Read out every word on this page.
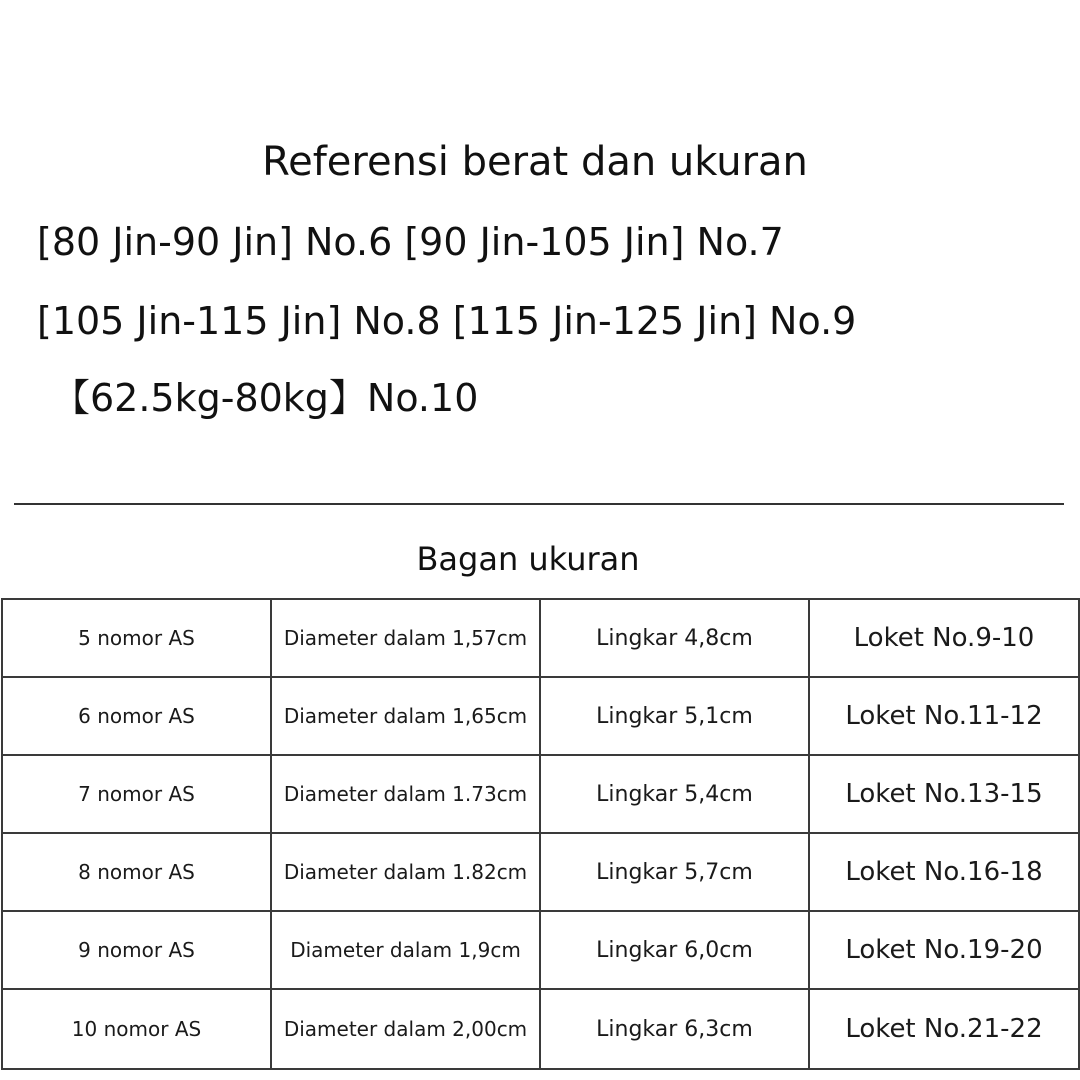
Referensi berat dan ukuran
[80 Jin-90 Jin] No.6 [90 Jin-105 Jin] No.7
[105 Jin-115 Jin] No.8 [115 Jin-125 Jin] No.9
【62.5kg-80kg】No.10
Bagan ukuran
5 nomor AS	Diameter dalam 1,57cm	Lingkar 4,8cm	Loket No.9-10
6 nomor AS	Diameter dalam 1,65cm	Lingkar 5,1cm	Loket No.11-12
7 nomor AS	Diameter dalam 1.73cm	Lingkar 5,4cm	Loket No.13-15
8 nomor AS	Diameter dalam 1.82cm	Lingkar 5,7cm	Loket No.16-18
9 nomor AS	Diameter dalam 1,9cm	Lingkar 6,0cm	Loket No.19-20
10 nomor AS	Diameter dalam 2,00cm	Lingkar 6,3cm	Loket No.21-22
